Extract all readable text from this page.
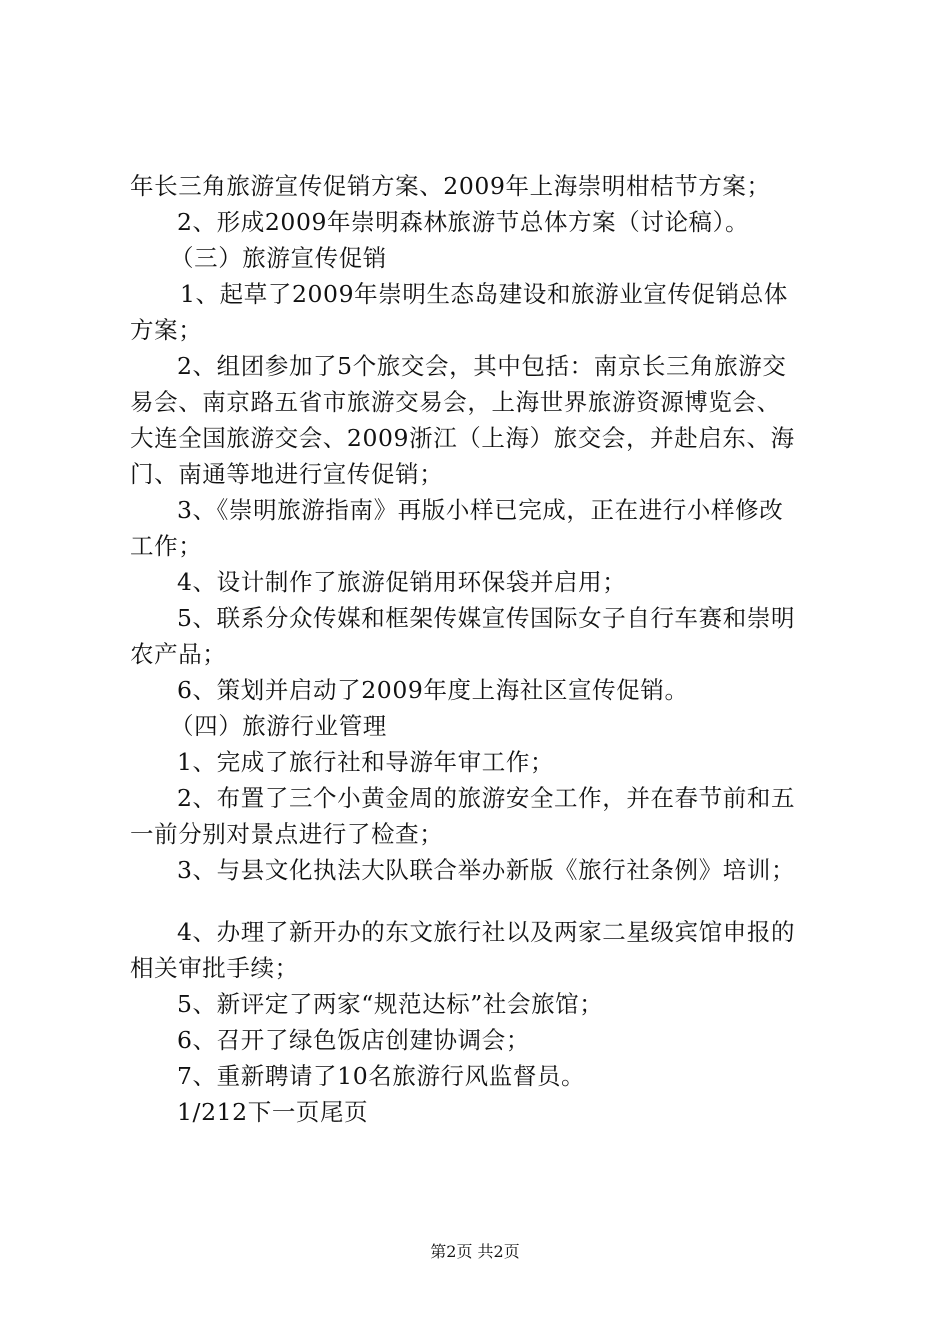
年长三角旅游宣传促销方案、2009年上海崇明柑桔节方案；
2、形成2009年崇明森林旅游节总体方案（讨论稿）。
（三）旅游宣传促销
1、起草了2009年崇明生态岛建设和旅游业宣传促销总体
方案；
2、组团参加了5个旅交会，其中包括：南京长三角旅游交
易会、南京路五省市旅游交易会，上海世界旅游资源博览会、
大连全国旅游交会、2009浙江（上海）旅交会，并赴启东、海
门、南通等地进行宣传促销；
3、《崇明旅游指南》再版小样已完成，正在进行小样修改
工作；
4、设计制作了旅游促销用环保袋并启用；
5、联系分众传媒和框架传媒宣传国际女子自行车赛和崇明
农产品；
6、策划并启动了2009年度上海社区宣传促销。
（四）旅游行业管理
1、完成了旅行社和导游年审工作；
2、布置了三个小黄金周的旅游安全工作，并在春节前和五
一前分别对景点进行了检查；
3、与县文化执法大队联合举办新版《旅行社条例》培训；
4、办理了新开办的东文旅行社以及两家二星级宾馆申报的
相关审批手续；
5、新评定了两家“规范达标”社会旅馆；
6、召开了绿色饭店创建协调会；
7、重新聘请了10名旅游行风监督员。
1/212下一页尾页
第2页 共2页
